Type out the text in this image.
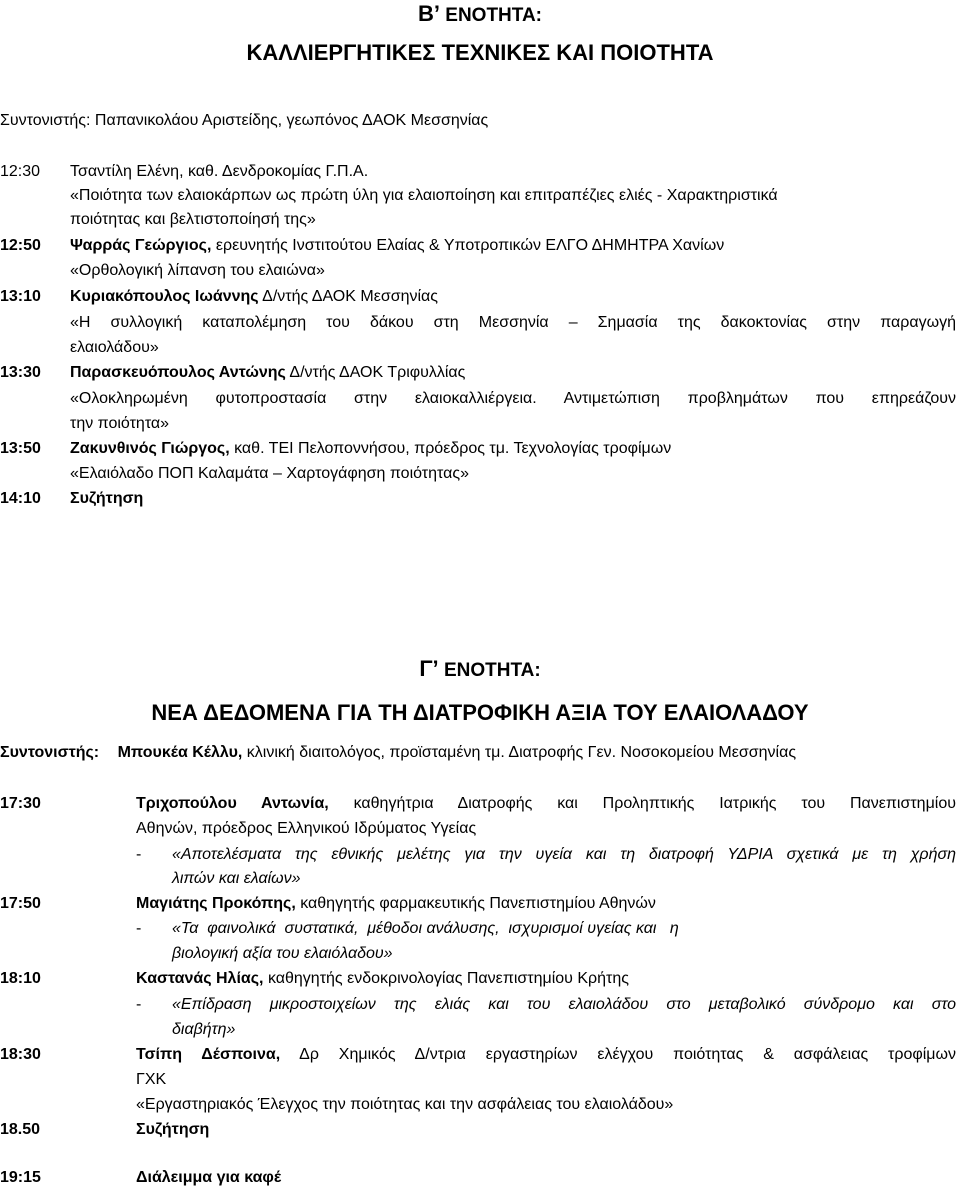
Β’ ΕΝΟΤΗΤΑ:
ΚΑΛΛΙΕΡΓΗΤΙΚΕΣ ΤΕΧΝΙΚΕΣ ΚΑΙ ΠΟΙΟΤΗΤΑ
Συντονιστής: Παπανικολάου Αριστείδης, γεωπόνος ΔΑΟΚ Μεσσηνίας
12:30 Τσαντίλη Ελένη, καθ. Δενδροκομίας Γ.Π.Α.
«Ποιότητα των ελαιοκάρπων ως πρώτη ύλη για ελαιοποίηση και επιτραπέζιες ελιές - Χαρακτηριστικά
ποιότητας και βελτιστοποίησή της»
12:50 Ψαρράς Γεώργιος, ερευνητής Ινστιτούτου Ελαίας & Υποτροπικών ΕΛΓΟ ΔΗΜΗΤΡΑ Χανίων
«Ορθολογική λίπανση του ελαιώνα»
13:10 Κυριακόπουλος Ιωάννης Δ/ντής ΔΑΟΚ Μεσσηνίας
«Η συλλογική καταπολέμηση του δάκου στη Μεσσηνία – Σημασία της δακοκτονίας στην παραγωγή
ελαιολάδου»
13:30 Παρασκευόπουλος Αντώνης Δ/ντής ΔΑΟΚ Τριφυλλίας
«Ολοκληρωμένη φυτοπροστασία στην ελαιοκαλλιέργεια. Αντιμετώπιση προβλημάτων που επηρεάζουν
την ποιότητα»
13:50 Ζακυνθινός Γιώργος, καθ. ΤΕΙ Πελοποννήσου, πρόεδρος τμ. Τεχνολογίας τροφίμων
«Ελαιόλαδο ΠΟΠ Καλαμάτα – Χαρτογάφηση ποιότητας»
14:10 Συζήτηση
Γ’ ΕΝΟΤΗΤΑ:
ΝΕΑ ΔΕΔΟΜΕΝΑ ΓΙΑ ΤΗ ΔΙΑΤΡΟΦΙΚΗ ΑΞΙΑ ΤΟΥ ΕΛΑΙΟΛΑΔΟΥ
Συντονιστής: Μπουκέα Κέλλυ, κλινική διαιτολόγος, προϊσταμένη τμ. Διατροφής Γεν. Νοσοκομείου Μεσσηνίας
17:30	Τριχοπούλου Αντωνία, καθηγήτρια Διατροφής και Προληπτικής Ιατρικής του Πανεπιστημίου
Αθηνών, πρόεδρος Ελληνικού Ιδρύματος Υγείας
- «Αποτελέσματα της εθνικής μελέτης για την υγεία και τη διατροφή ΥΔΡΙΑ σχετικά με τη χρήση
λιπών και ελαίων»
17:50	Μαγιάτης Προκόπης, καθηγητής φαρμακευτικής Πανεπιστημίου Αθηνών
- «Τα  φαινολικά  συστατικά,  μέθοδοι ανάλυσης,  ισχυρισμοί υγείας και   η
βιολογική αξία του ελαιόλαδου»
18:10	Καστανάς Ηλίας, καθηγητής ενδοκρινολογίας Πανεπιστημίου Κρήτης
- «Επίδραση μικροστοιχείων της ελιάς και του ελαιολάδου στο μεταβολικό σύνδρομο και στο
διαβήτη»
18:30	Τσίπη Δέσποινα, Δρ Χημικός Δ/ντρια εργαστηρίων ελέγχου ποιότητας & ασφάλειας τροφίμων
ΓΧΚ
«Εργαστηριακός Έλεγχος την ποιότητας και την ασφάλειας του ελαιολάδου»
18.50	Συζήτηση
19:15	Διάλειμμα για καφέ
